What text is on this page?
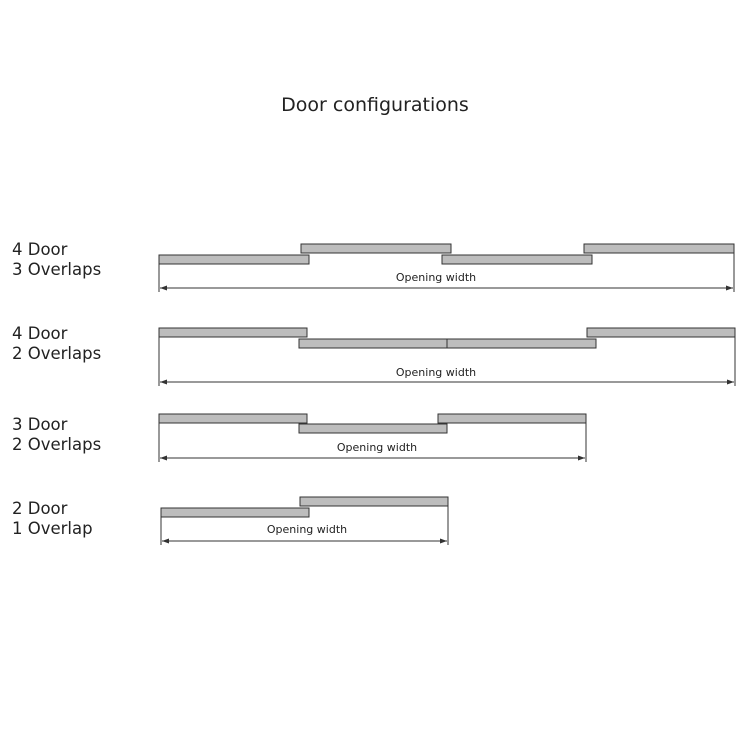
Door configurations
4 Door
3 Overlaps
4 Door
2 Overlaps
3 Door
2 Overlaps
2 Door
1 Overlap
Opening width
Opening width
Opening width
Opening width
